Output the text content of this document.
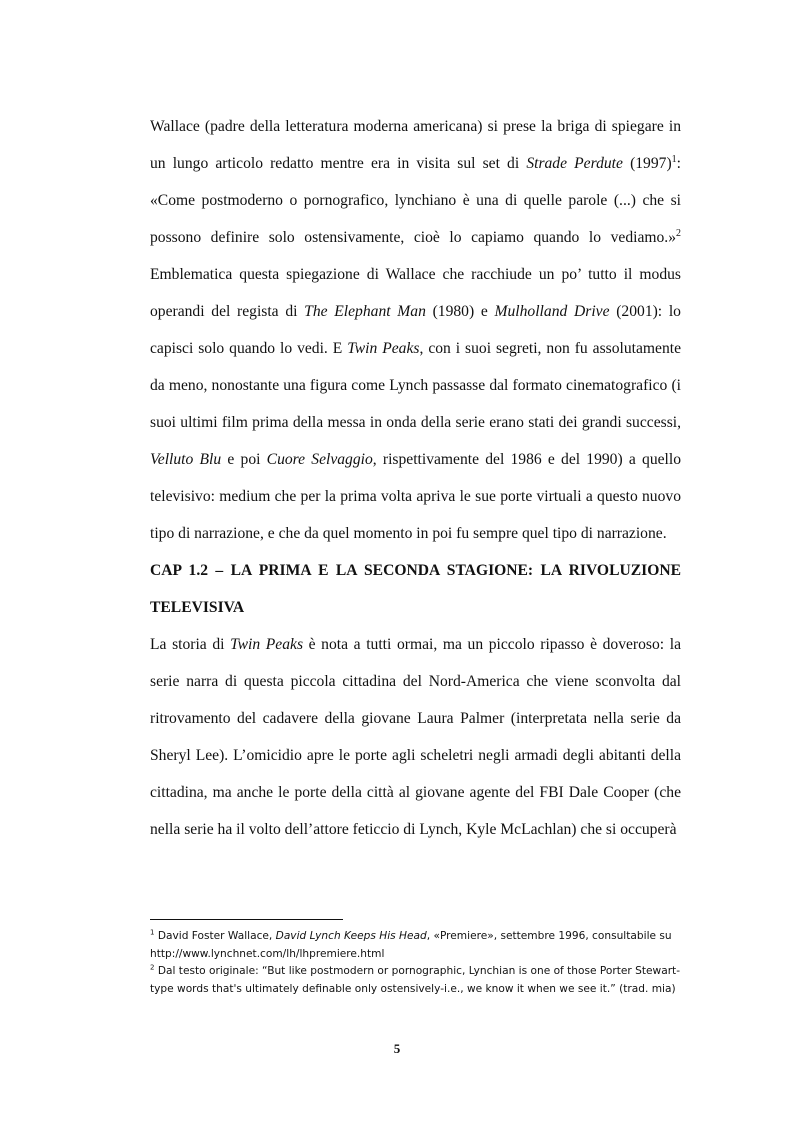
Wallace (padre della letteratura moderna americana) si prese la briga di spiegare in un lungo articolo redatto mentre era in visita sul set di Strade Perdute $(1997)^1$: «Come postmoderno o pornografico, lynchiano è una di quelle parole (...) che si possono definire solo ostensivamente, cioè lo capiamo quando lo vediamo.»$^2$ Emblematica questa spiegazione di Wallace che racchiude un po’ tutto il modus operandi del regista di The Elephant Man (1980) e Mulholland Drive (2001): lo capisci solo quando lo vedi. E Twin Peaks, con i suoi segreti, non fu assolutamente da meno, nonostante una figura come Lynch passasse dal formato cinematografico (i suoi ultimi film prima della messa in onda della serie erano stati dei grandi successi, Velluto Blu e poi Cuore Selvaggio, rispettivamente del 1986 e del 1990) a quello televisivo: medium che per la prima volta apriva le sue porte virtuali a questo nuovo tipo di narrazione, e che da quel momento in poi fu sempre quel tipo di narrazione.

CAP 1.2 – LA PRIMA E LA SECONDA STAGIONE: LA RIVOLUZIONE
TELEVISIVA

La storia di Twin Peaks è nota a tutti ormai, ma un piccolo ripasso è doveroso: la serie narra di questa piccola cittadina del Nord-America che viene sconvolta dal ritrovamento del cadavere della giovane Laura Palmer (interpretata nella serie da Sheryl Lee). L’omicidio apre le porte agli scheletri negli armadi degli abitanti della cittadina, ma anche le porte della città al giovane agente del FBI Dale Cooper (che nella serie ha il volto dell’attore feticcio di Lynch, Kyle McLachlan) che si occuperà

$^1$ David Foster Wallace, David Lynch Keeps His Head, «Premiere», settembre 1996, consultabile su http://www.lynchnet.com/lh/lhpremiere.html

$^2$ Dal testo originale: “But like postmodern or pornographic, Lynchian is one of those Porter Stewart-type words that's ultimately definable only ostensively-i.e., we know it when we see it.” (trad. mia)

5
